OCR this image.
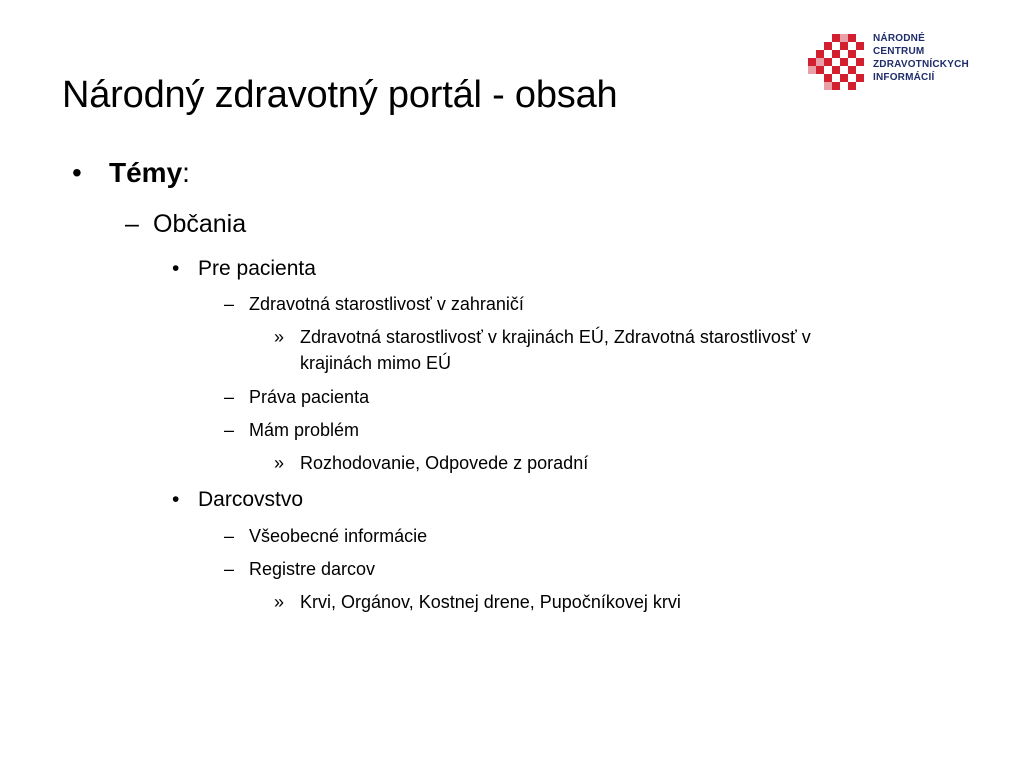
Národný zdravotný portál - obsah
NÁRODNÉ
CENTRUM
ZDRAVOTNÍCKYCH
INFORMÁCIÍ
• Témy:
– Občania
• Pre pacienta
– Zdravotná starostlivosť v zahraničí
» Zdravotná starostlivosť v krajinách EÚ, Zdravotná starostlivosť v
krajinách mimo EÚ
– Práva pacienta
– Mám problém
» Rozhodovanie, Odpovede z poradní
• Darcovstvo
– Všeobecné informácie
– Registre darcov
» Krvi, Orgánov, Kostnej drene, Pupočníkovej krvi
